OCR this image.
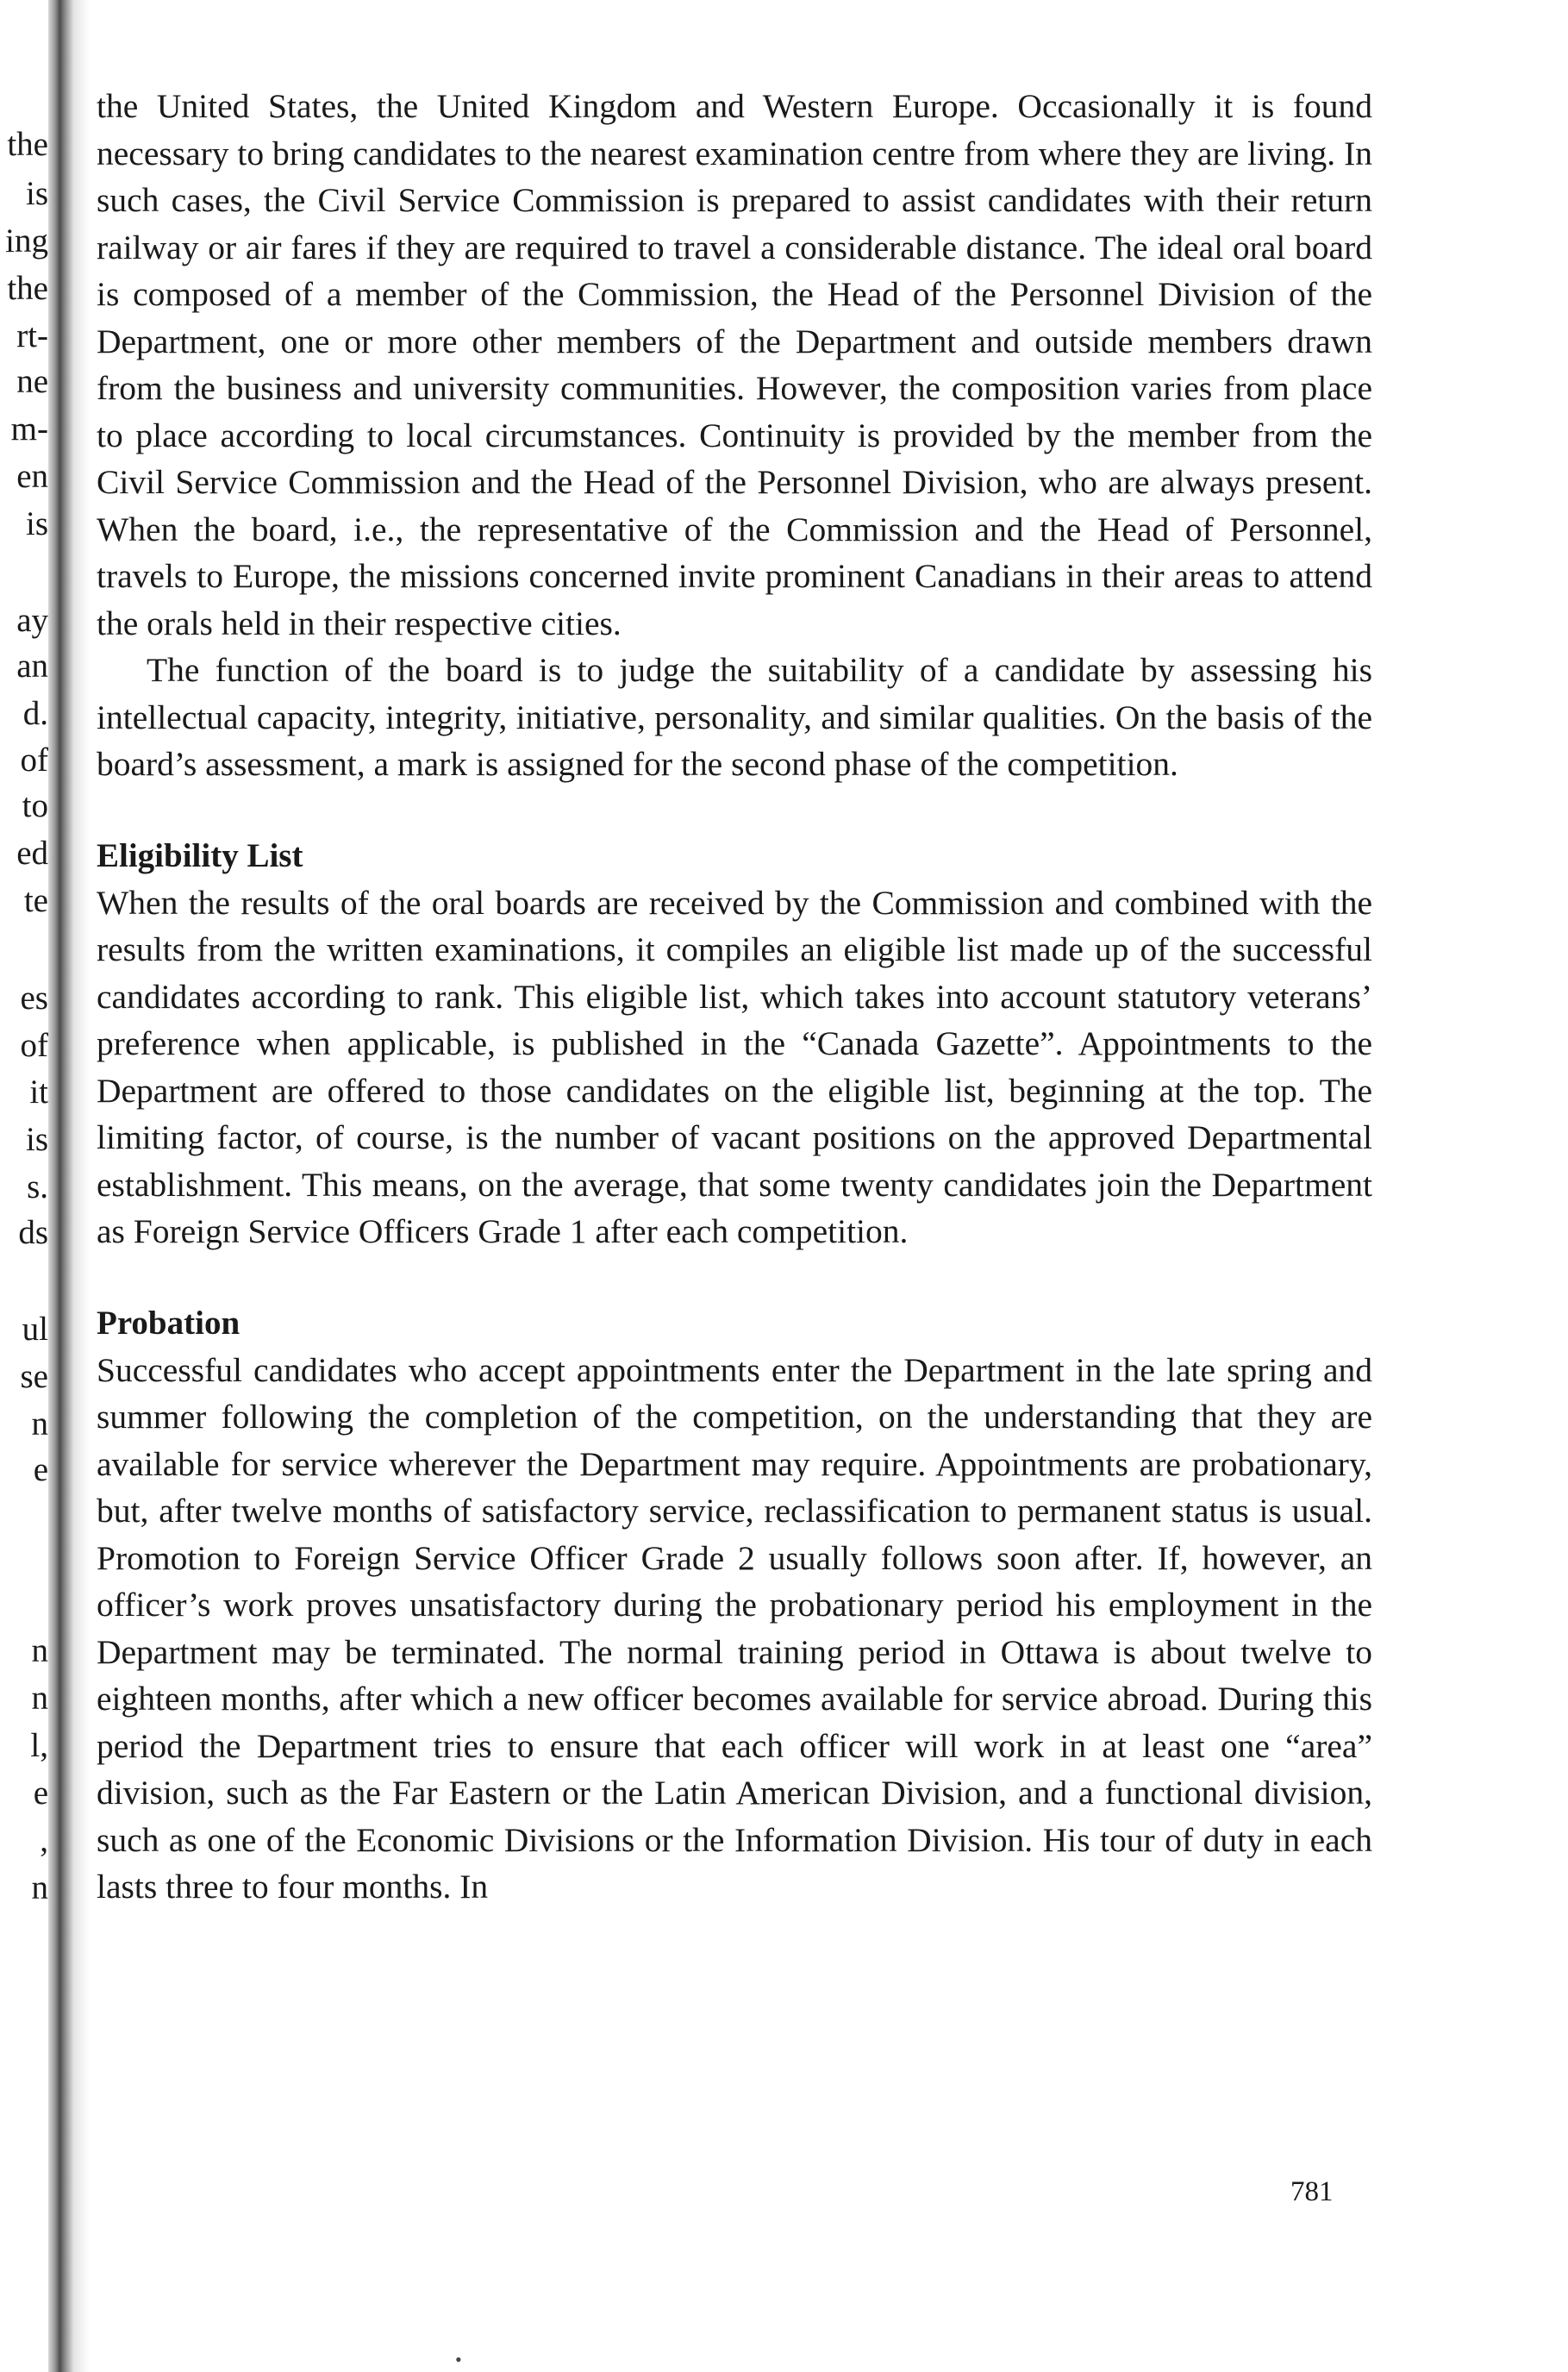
the
is
ing
the
rt-
ne
m-
en
is
ay
an
d.
of
to
ed
te
es
of
it
is
s.
ds
ul
se
n
e
n
n
l,
e
,
n

the United States, the United Kingdom and Western Europe. Occasionally it is found necessary to bring candidates to the nearest examination centre from where they are living. In such cases, the Civil Service Commission is prepared to assist candidates with their return railway or air fares if they are required to travel a considerable distance. The ideal oral board is composed of a member of the Commission, the Head of the Personnel Division of the Department, one or more other members of the Department and outside members drawn from the business and university communities. However, the composition varies from place to place according to local circumstances. Continuity is provided by the member from the Civil Service Commission and the Head of the Personnel Division, who are always present. When the board, i.e., the representative of the Commission and the Head of Personnel, travels to Europe, the missions concerned invite prominent Canadians in their areas to attend the orals held in their respective cities.

The function of the board is to judge the suitability of a candidate by assessing his intellectual capacity, integrity, initiative, personality, and similar qualities. On the basis of the board’s assessment, a mark is assigned for the second phase of the competition.

Eligibility List

When the results of the oral boards are received by the Commission and combined with the results from the written examinations, it compiles an eligible list made up of the successful candidates according to rank. This eligible list, which takes into account statutory veterans’ preference when applicable, is published in the “Canada Gazette”. Appointments to the Department are offered to those candidates on the eligible list, beginning at the top. The limiting factor, of course, is the number of vacant positions on the approved Departmental establishment. This means, on the average, that some twenty candidates join the Department as Foreign Service Officers Grade 1 after each competition.

Probation

Successful candidates who accept appointments enter the Department in the late spring and summer following the completion of the competition, on the understanding that they are available for service wherever the Department may require. Appointments are probationary, but, after twelve months of satisfactory service, reclassification to permanent status is usual. Promotion to Foreign Service Officer Grade 2 usually follows soon after. If, however, an officer’s work proves unsatisfactory during the probationary period his employment in the Department may be terminated. The normal training period in Ottawa is about twelve to eighteen months, after which a new officer becomes available for service abroad. During this period the Department tries to ensure that each officer will work in at least one “area” division, such as the Far Eastern or the Latin American Division, and a functional division, such as one of the Economic Divisions or the Information Division. His tour of duty in each lasts three to four months. In

781
•
